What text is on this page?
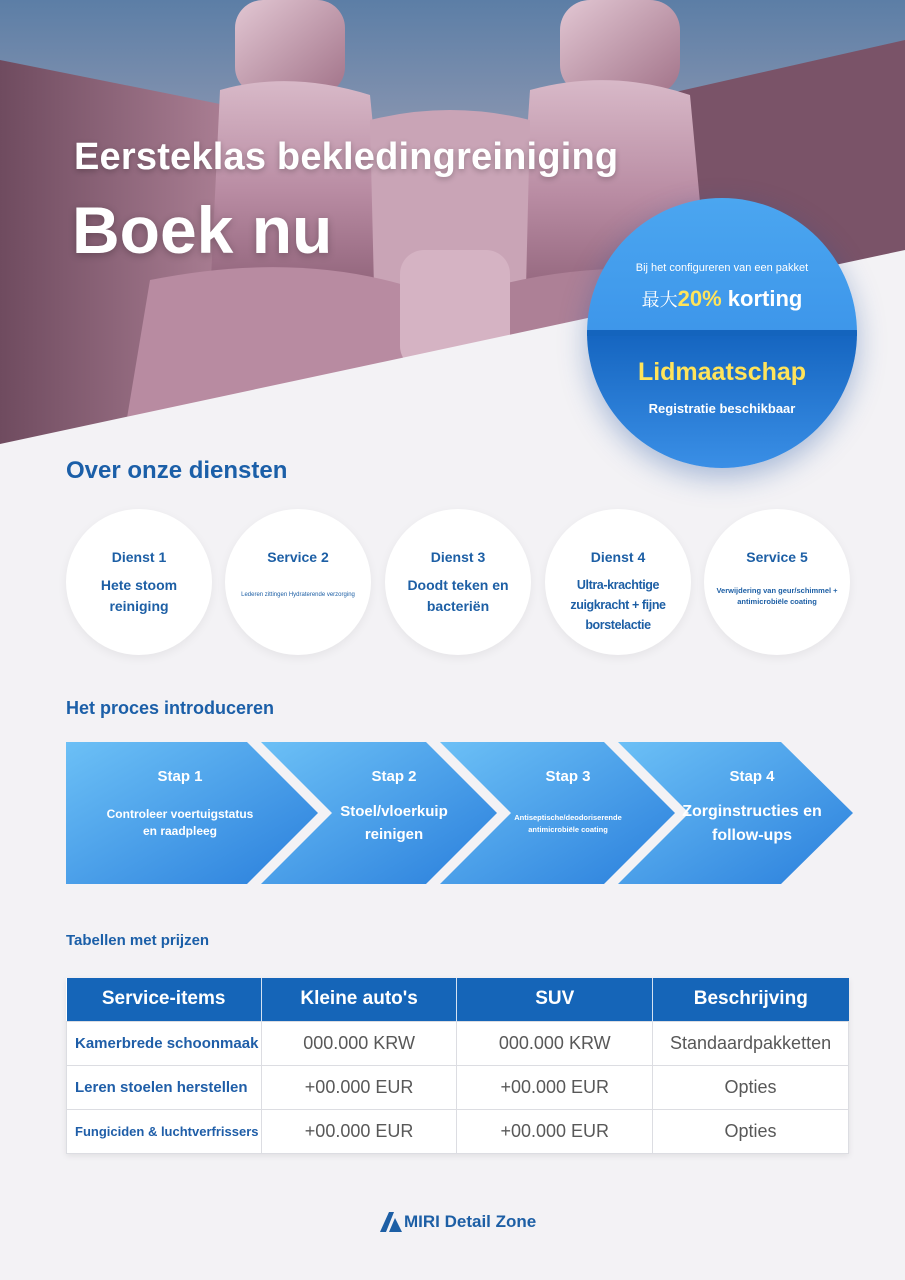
Eersteklas bekledingreiniging
Boek nu
Bij het configureren van een pakket
最大20% korting
Lidmaatschap
Registratie beschikbaar
Over onze diensten
Dienst 1
Hete stoom reiniging
Service 2
Lederen zittingen Hydraterende verzorging
Dienst 3
Doodt teken en bacteriën
Dienst 4
Ultra-krachtige zuigkracht + fijne borstelactie
Service 5
Verwijdering van geur/schimmel + antimicrobiële coating
Het proces introduceren
Stap 1
Controleer voertuigstatus en raadpleeg
Stap 2
Stoel/vloerkuip reinigen
Stap 3
Antiseptische/deodoriserende antimicrobiële coating
Stap 4
Zorginstructies en follow-ups
Tabellen met prijzen
Service-items	Kleine auto's	SUV	Beschrijving
Kamerbrede schoonmaak	000.000 KRW	000.000 KRW	Standaardpakketten
Leren stoelen herstellen	+00.000 EUR	+00.000 EUR	Opties
Fungiciden & luchtverfrissers	+00.000 EUR	+00.000 EUR	Opties
MIRI Detail Zone
